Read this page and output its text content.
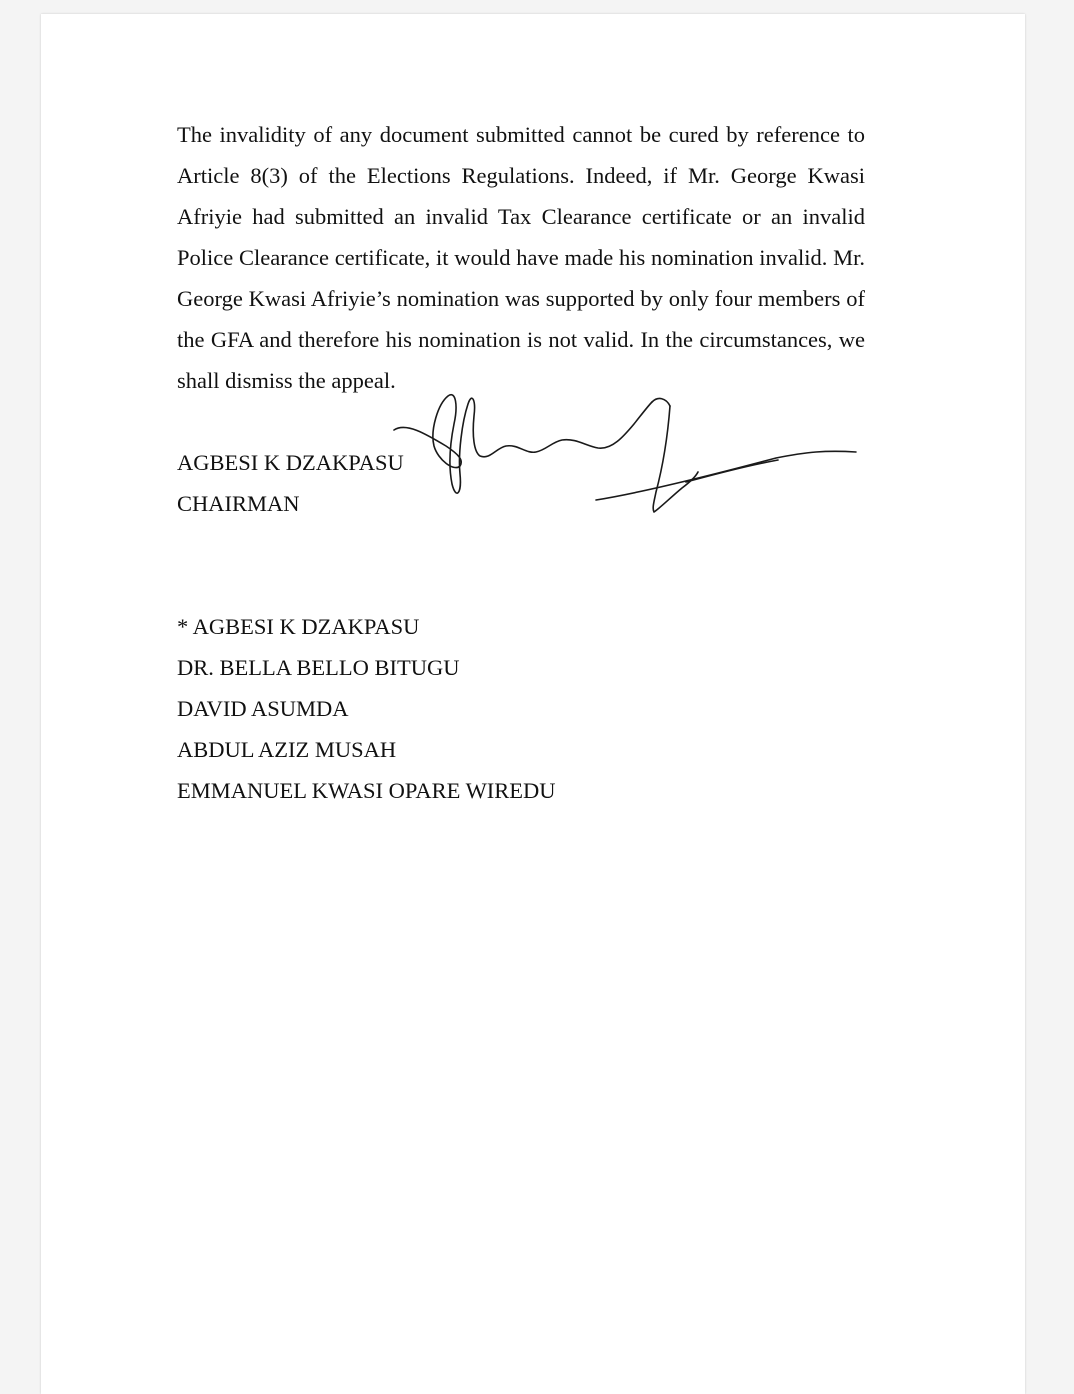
The invalidity of any document submitted cannot be cured by reference to Article 8(3) of the Elections Regulations. Indeed, if Mr. George Kwasi Afriyie had submitted an invalid Tax Clearance certificate or an invalid Police Clearance certificate, it would have made his nomination invalid. Mr. George Kwasi Afriyie’s nomination was supported by only four members of the GFA and therefore his nomination is not valid. In the circumstances, we shall dismiss the appeal.

AGBESI K DZAKPASU
CHAIRMAN
* AGBESI K DZAKPASU
DR. BELLA BELLO BITUGU
DAVID ASUMDA
ABDUL AZIZ MUSAH
EMMANUEL KWASI OPARE WIREDU
